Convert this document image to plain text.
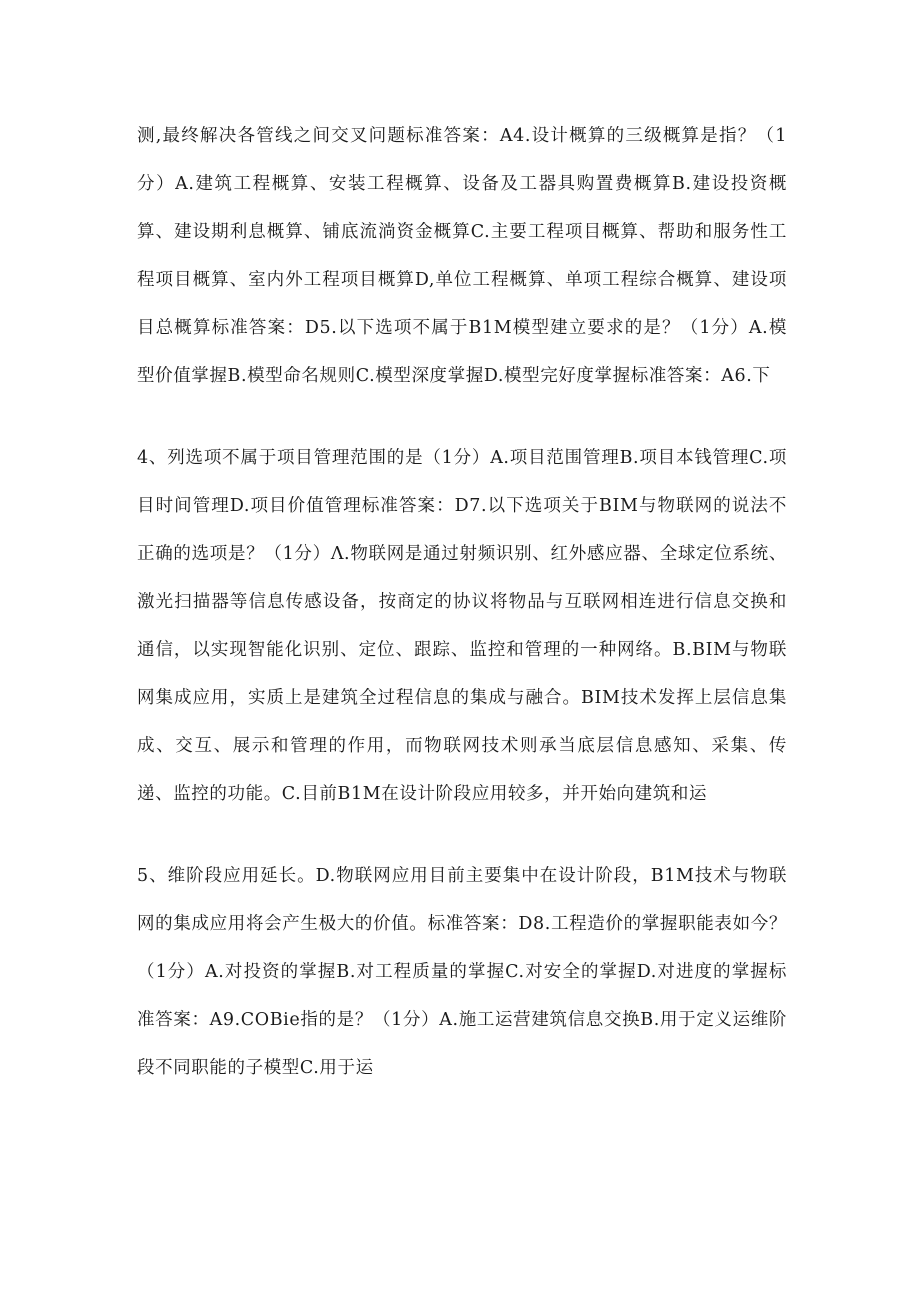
测,最终解决各管线之间交叉问题标准答案：A4.设计概算的三级概算是指？（1分）A.建筑工程概算、安装工程概算、设备及工器具购置费概算B.建设投资概算、建设期利息概算、铺底流淌资金概算C.主要工程项目概算、帮助和服务性工程项目概算、室内外工程项目概算D,单位工程概算、单项工程综合概算、建设项目总概算标准答案：D5.以下选项不属于B1M模型建立要求的是？（1分）A.模型价值掌握B.模型命名规则C.模型深度掌握D.模型完好度掌握标准答案：A6.下

4、列选项不属于项目管理范围的是（1分）A.项目范围管理B.项目本钱管理C.项目时间管理D.项目价值管理标准答案：D7.以下选项关于BIM与物联网的说法不正确的选项是？（1分）Λ.物联网是通过射频识别、红外感应器、全球定位系统、激光扫描器等信息传感设备，按商定的协议将物品与互联网相连进行信息交换和通信，以实现智能化识别、定位、跟踪、监控和管理的一种网络。B.BIM与物联网集成应用，实质上是建筑全过程信息的集成与融合。BIM技术发挥上层信息集成、交互、展示和管理的作用，而物联网技术则承当底层信息感知、采集、传递、监控的功能。C.目前B1M在设计阶段应用较多，并开始向建筑和运

5、维阶段应用延长。D.物联网应用目前主要集中在设计阶段，B1M技术与物联网的集成应用将会产生极大的价值。标准答案：D8.工程造价的掌握职能表如今？（1分）A.对投资的掌握B.对工程质量的掌握C.对安全的掌握D.对进度的掌握标准答案：A9.COBie指的是？（1分）A.施工运营建筑信息交换B.用于定义运维阶段不同职能的子模型C.用于运
